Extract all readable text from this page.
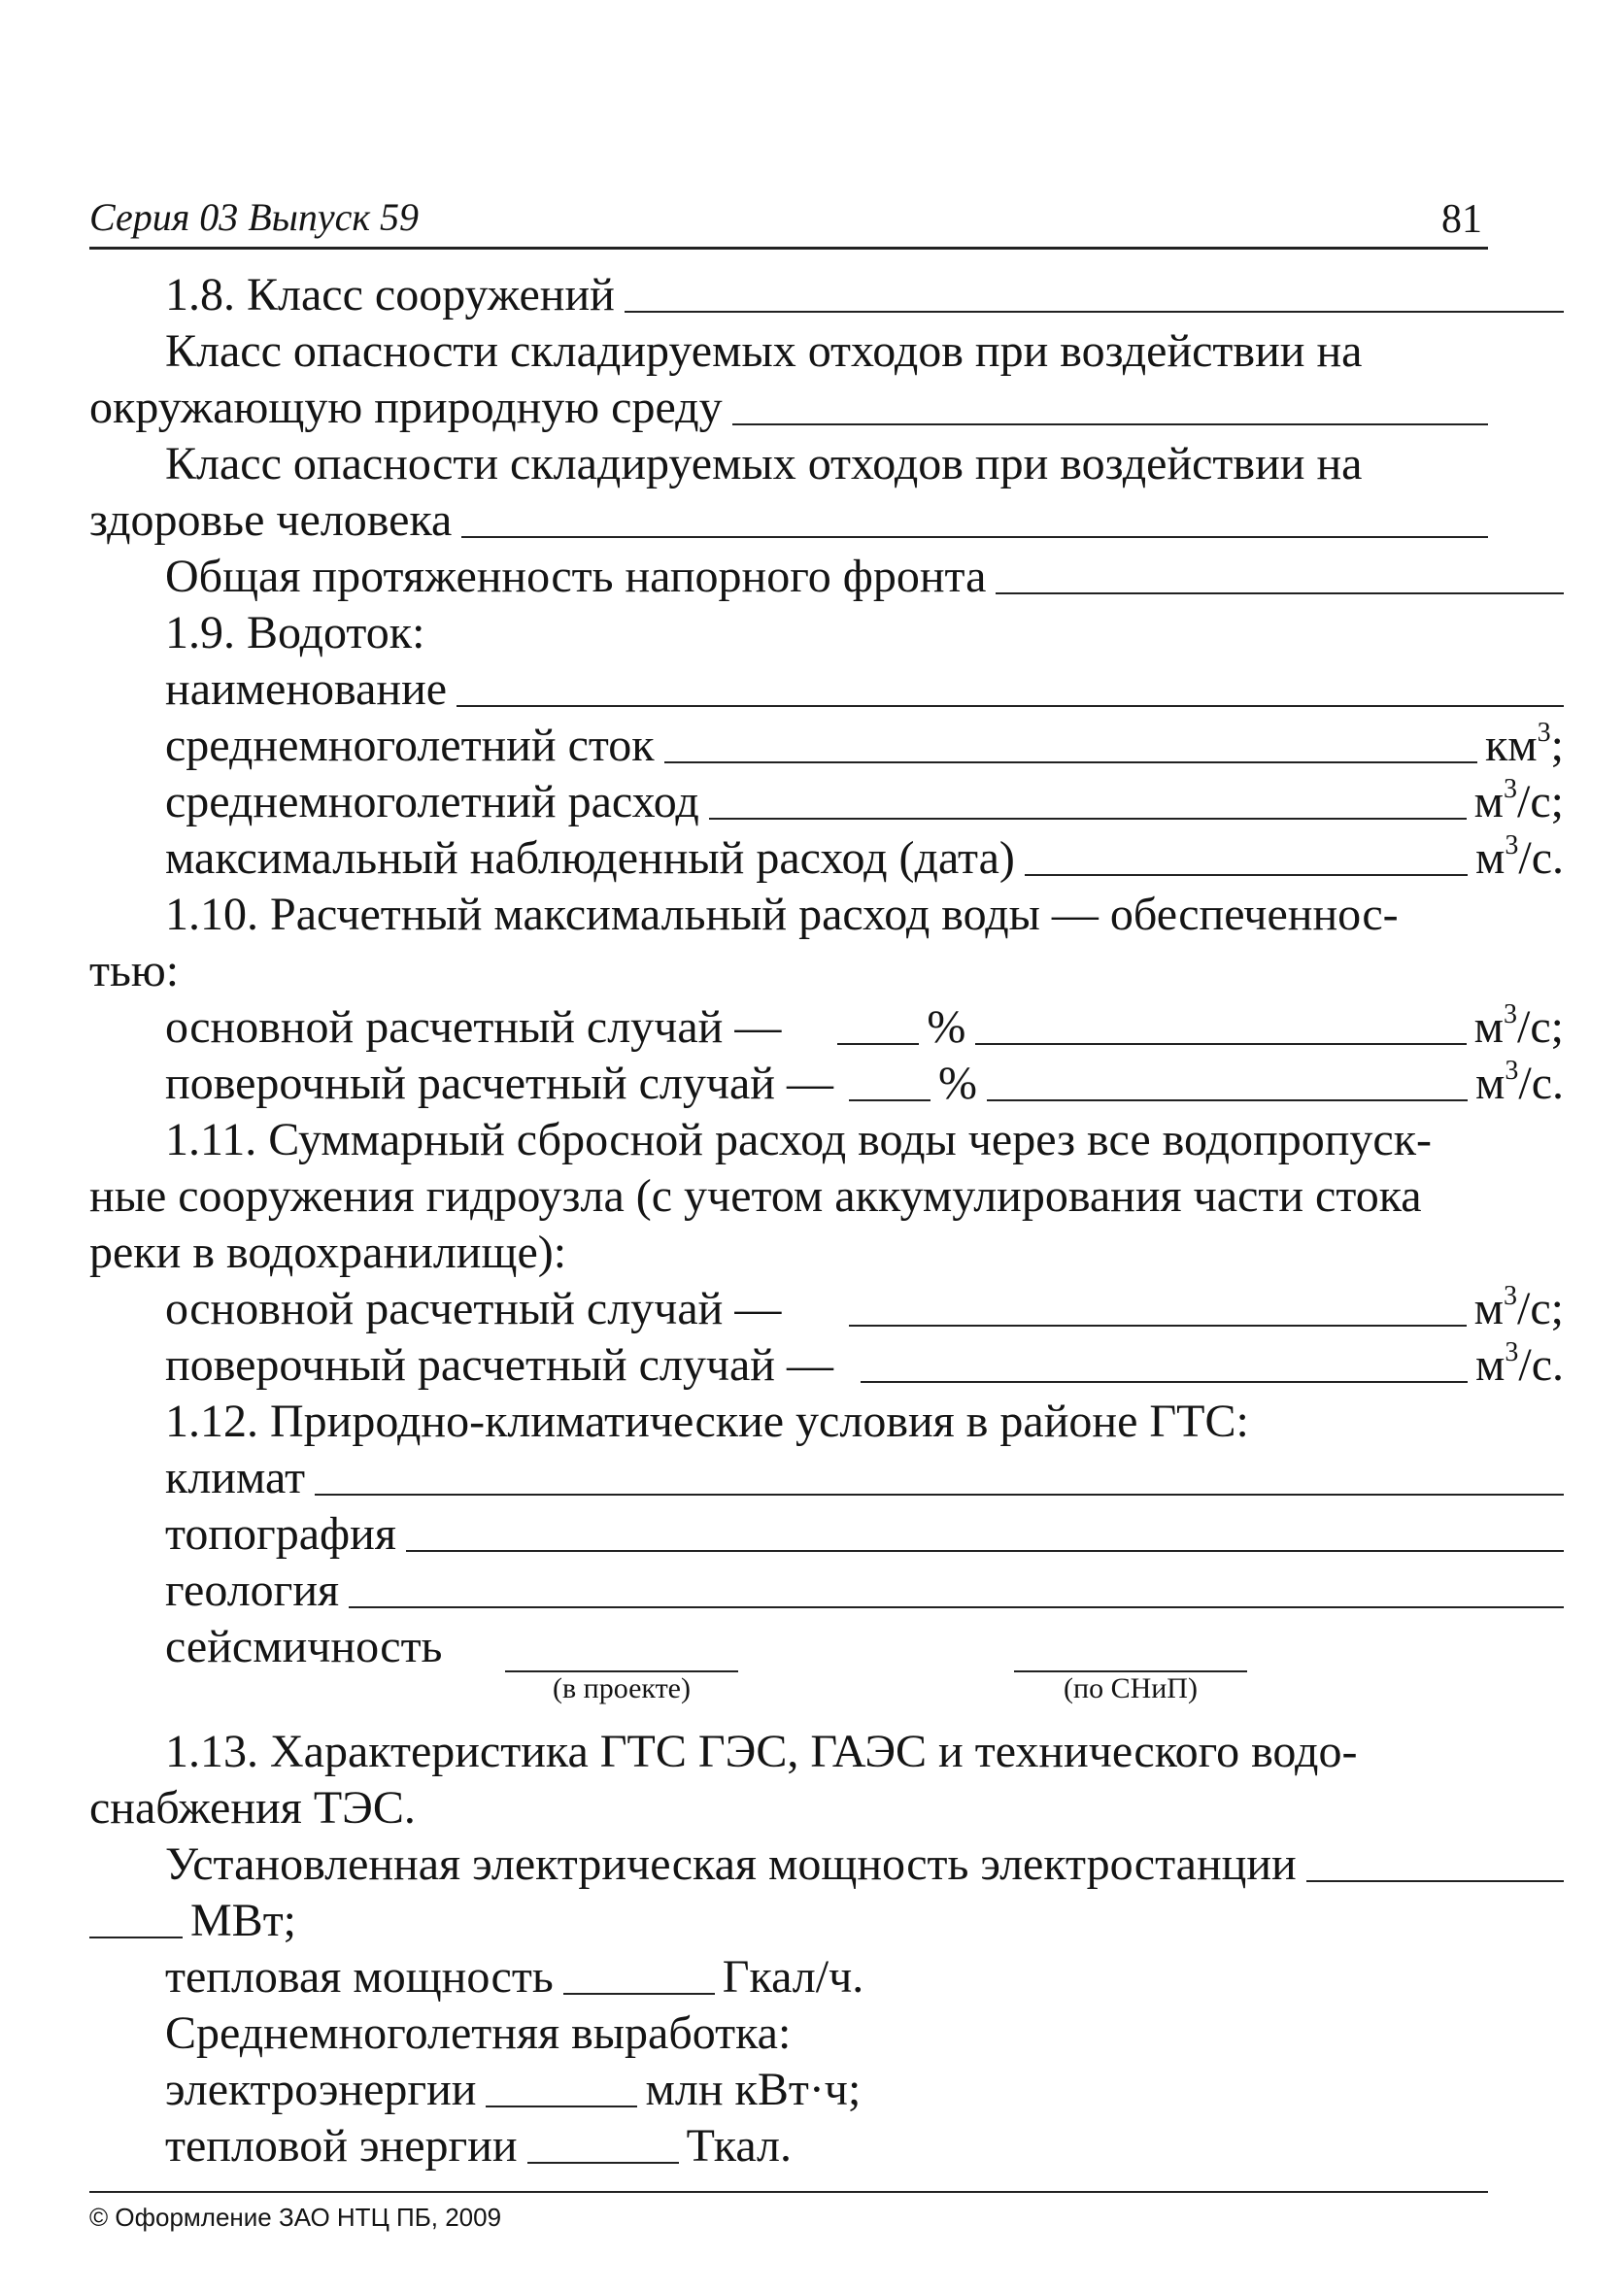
Серия 03 Выпуск 59	81
1.8. Класс сооружений
Класс опасности складируемых отходов при воздействии на
окружающую природную среду
Класс опасности складируемых отходов при воздействии на
здоровье человека
Общая протяженность напорного фронта
1.9. Водоток:
наименование
среднемноголетний сток	$км^3$;
среднемноголетний расход	$м^3/с$;
максимальный наблюденный расход (дата)	$м^3/с$.
1.10. Расчетный максимальный расход воды — обеспеченнос-
тью:
основной расчетный случай —	%	$м^3/с$;
поверочный расчетный случай — %	$м^3/с$.
1.11. Суммарный сбросной расход воды через все водопропуск-
ные сооружения гидроузла (с учетом аккумулирования части стока
реки в водохранилище):
основной расчетный случай —	$м^3/с$;
поверочный расчетный случай —	$м^3/с$.
1.12. Природно-климатические условия в районе ГТС:
климат
топография
геология
сейсмичность
(в проекте)	(по СНиП)
1.13. Характеристика ГТС ГЭС, ГАЭС и технического водо-
снабжения ТЭС.
Установленная электрическая мощность электростанции
МВт;
тепловая мощность	Гкал/ч.
Среднемноголетняя выработка:
электроэнергии	млн кВт·ч;
тепловой энергии	Ткал.
© Оформление ЗАО НТЦ ПБ, 2009
